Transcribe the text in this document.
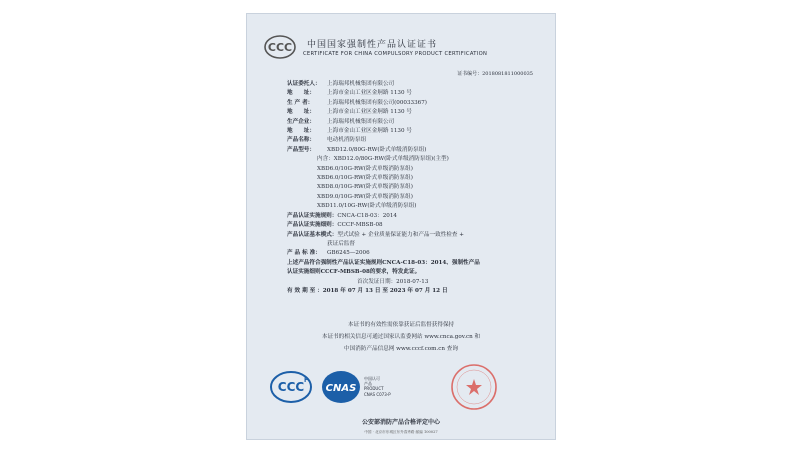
CCC 中国国家强制性产品认证证书
CERTIFICATE FOR CHINA COMPULSORY PRODUCT CERTIFICATION
证书编号：2018081811000035
认证委托人：	上海瑞邦机械集团有限公司
地　　址：	上海市金山工业区金舸路 1130 号
生 产 者：	上海瑞邦机械集团有限公司(00033367)
地　　址：	上海市金山工业区金舸路 1130 号
生产企业：	上海瑞邦机械集团有限公司
地　　址：	上海市金山工业区金舸路 1130 号
产品名称：	电动机消防泵组
产品型号：	XBD12.0/80G-RW(卧式单级消防泵组)
内含：XBD12.0/80G-RW(卧式单级消防泵组)(主型)
XBD6.0/10G-RW(卧式单级消防泵组)
XBD6.0/10G-RW(卧式单级消防泵组)
XBD8.0/10G-RW(卧式单级消防泵组)
XBD9.0/10G-RW(卧式单级消防泵组)
XBD11.0/10G-RW(卧式单级消防泵组)
产品认证实施规则： CNCA-C18-03：2014
产品认证实施细则： CCCF-MBSB-08
产品认证基本模式： 型式试验 + 企业质量保证能力和产品一致性检查 +
获证后监督
产 品 标 准：	GB6245—2006
上述产品符合强制性产品认证实施规则CNCA-C18-03：2014、强制性产品
认证实施细则CCCF-MBSB-08的要求，特发此证。
首次发证日期：2018-07-13
有 效 期 至 ：2018 年 07 月 13 日 至 2023 年 07 月 12 日
本证书的有效性需依靠获证后监督获得保持
本证书的相关信息可通过国家认监委网站 www.cnca.gov.cn 和
中国消防产品信息网 www.cccf.com.cn 查询
CCC F
CNAS
中国认可
产品
PRODUCT
CNAS C073-P
公安部消防产品合格评定中心
中国 · 北京市东城区东外春秀路 邮编 100027
